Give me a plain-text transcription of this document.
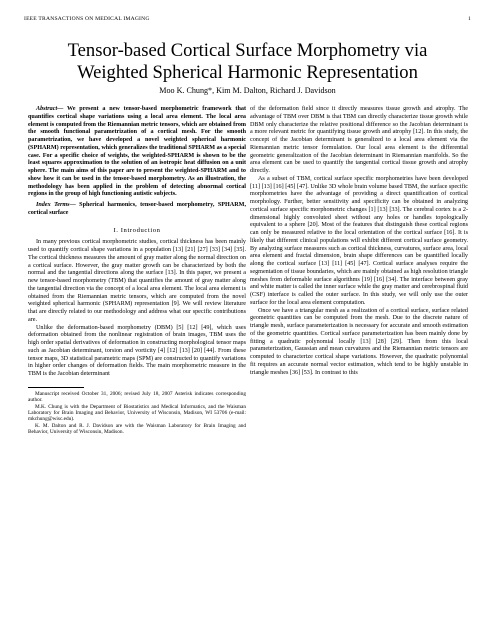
IEEE TRANSACTIONS ON MEDICAL IMAGING	1
Tensor-based Cortical Surface Morphometry via
Weighted Spherical Harmonic Representation
Moo K. Chung*, Kim M. Dalton, Richard J. Davidson

Abstract— We present a new tensor-based morphometric framework that quantifies cortical shape variations using a local area element. The local area element is computed from the Riemannian metric tensors, which are obtained from the smooth functional parametrization of a cortical mesh. For the smooth parametrization, we have developed a novel weighted spherical harmonic (SPHARM) representation, which generalizes the traditional SPHARM as a special case. For a specific choice of weights, the weighted-SPHARM is shown to be the least squares approximation to the solution of an isotropic heat diffusion on a unit sphere. The main aims of this paper are to present the weighted-SPHARM and to show how it can be used in the tensor-based morphometry. As an illustration, the methodology has been applied in the problem of detecting abnormal cortical regions in the group of high functioning autistic subjects.

Index Terms— Spherical harmonics, tensor-based morphometry, SPHARM, cortical surface

I. Introduction

In many previous cortical morphometric studies, cortical thickness has been mainly used to quantify cortical shape variations in a population [13] [21] [27] [33] [34] [35]. The cortical thickness measures the amount of gray matter along the normal direction on a cortical surface. However, the gray matter growth can be characterized by both the normal and the tangential directions along the surface [13]. In this paper, we present a new tensor-based morphometry (TBM) that quantifies the amount of gray matter along the tangential direction via the concept of a local area element. The local area element is obtained from the Riemannian metric tensors, which are computed from the novel weighted spherical harmonic (SPHARM) representation [9]. We will review literature that are directly related to our methodology and address what our specific contributions are.

Unlike the deformation-based morphometry (DBM) [5] [12] [49], which uses deformation obtained from the nonlinear registration of brain images, TBM uses the high order spatial derivatives of deformation in constructing morphological tensor maps such as Jacobian determinant, torsion and vorticity [4] [12] [13] [20] [44]. From these tensor maps, 3D statistical parametric maps (SPM) are constructed to quantify variations in higher order changes of deformation fields. The main morphometric measure in the TBM is the Jacobian determinant

Manuscript received October 31, 2006; revised July 18, 2007 Asterisk indicates corresponding author.

M.K. Chung is with the Department of Biostatistics and Medical Informatics, and the Waisman Laboratory for Brain Imaging and Behavior, University of Wisconsin, Madison, WI 53706 (e-mail: mkchung@wisc.edu).

K. M. Dalton and R. J. Davidson are with the Waisman Laboratory for Brain Imaging and Behavior, University of Wisconsin, Madison.

of the deformation field since it directly measures tissue growth and atrophy. The advantage of TBM over DBM is that TBM can directly characterize tissue growth while DBM only characterize the relative positional difference so the Jacobian determinant is a more relevant metric for quantifying tissue growth and atrophy [12]. In this study, the concept of the Jacobian determinant is generalized to a local area element via the Riemannian metric tensor formulation. Our local area element is the differential geometric generalization of the Jacobian determinant in Riemannian manifolds. So the area element can be used to quantify the tangential cortical tissue growth and atrophy directly.

As a subset of TBM, cortical surface specific morphometries have been developed [11] [13] [16] [45] [47]. Unlike 3D whole brain volume based TBM, the surface specific morphometries have the advantage of providing a direct quantification of cortical morphology. Further, better sensitivity and specificity can be obtained in analyzing cortical surface specific morphometric changes [1] [13] [33]. The cerebral cortex is a 2-dimensional highly convoluted sheet without any holes or handles topologically equivalent to a sphere [20]. Most of the features that distinguish these cortical regions can only be measured relative to the local orientation of the cortical surface [16]. It is likely that different clinical populations will exhibit different cortical surface geometry. By analyzing surface measures such as cortical thickness, curvatures, surface area, local area element and fractal dimension, brain shape differences can be quantified locally along the cortical surface [13] [11] [45] [47]. Cortical surface analyses require the segmentation of tissue boundaries, which are mainly obtained as high resolution triangle meshes from deformable surface algorithms [19] [16] [34]. The interface between gray and white matter is called the inner surface while the gray matter and cerebrospinal fluid (CSF) interface is called the outer surface. In this study, we will only use the outer surface for the local area element computation.

Once we have a triangular mesh as a realization of a cortical surface, surface related geometric quantities can be computed from the mesh. Due to the discrete nature of triangle mesh, surface parameterization is necessary for accurate and smooth estimation of the geometric quantities. Cortical surface parameterization has been mainly done by fitting a quadratic polynomial locally [13] [28] [29]. Then from this local parameterization, Gaussian and mean curvatures and the Riemannian metric tensors are computed to characterize cortical shape variations. However, the quadratic polynomial fit requires an accurate normal vector estimation, which tend to be highly unstable in triangle meshes [36] [53]. In contrast to this
